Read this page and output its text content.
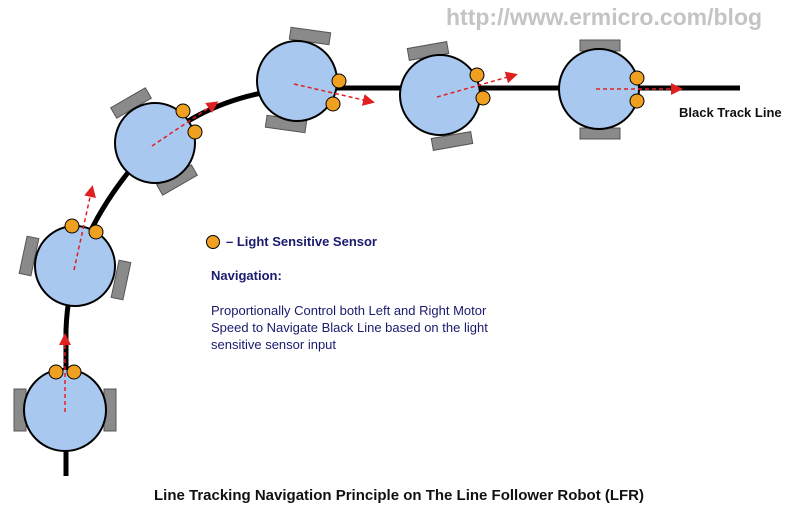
http://www.ermicro.com/blog
Black Track Line
– Light Sensitive Sensor
Navigation:
Proportionally Control both Left and Right Motor
Speed to Navigate Black Line based on the light
sensitive sensor input
Line Tracking Navigation Principle on The Line Follower Robot (LFR)
